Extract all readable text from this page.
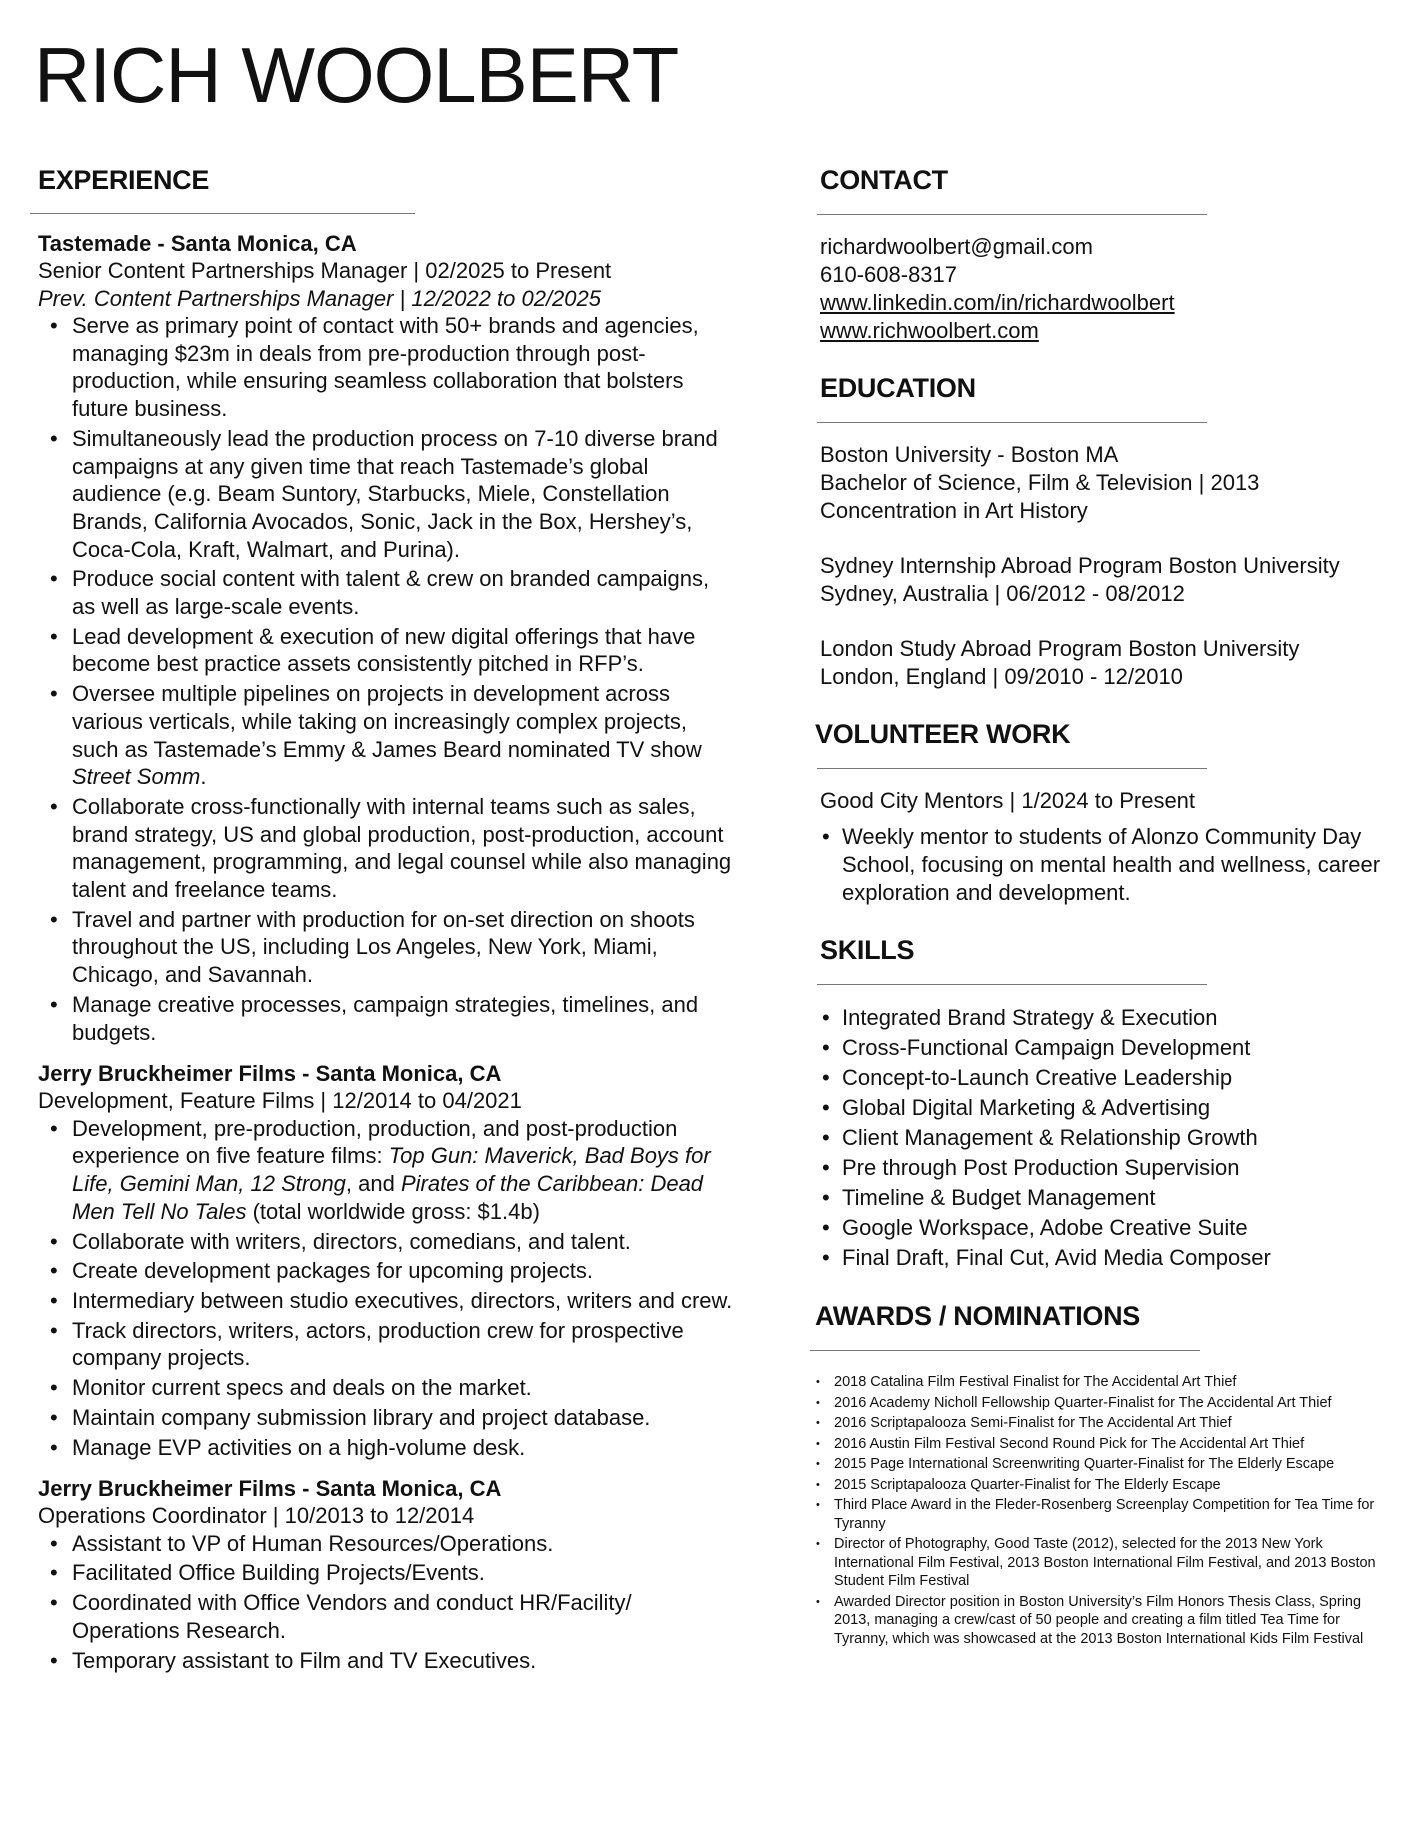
RICH WOOLBERT
EXPERIENCE

Tastemade - Santa Monica, CA

Senior Content Partnerships Manager | 02/2025 to Present

Prev. Content Partnerships Manager | 12/2022 to 02/2025

• Serve as primary point of contact with 50+ brands and agencies, managing $23m in deals from pre-production through post-production, while ensuring seamless collaboration that bolsters future business.
• Simultaneously lead the production process on 7-10 diverse brand campaigns at any given time that reach Tastemade’s global audience (e.g. Beam Suntory, Starbucks, Miele, Constellation Brands, California Avocados, Sonic, Jack in the Box, Hershey’s, Coca-Cola, Kraft, Walmart, and Purina).
• Produce social content with talent & crew on branded campaigns, as well as large-scale events.
• Lead development & execution of new digital offerings that have become best practice assets consistently pitched in RFP’s.
• Oversee multiple pipelines on projects in development across various verticals, while taking on increasingly complex projects, such as Tastemade’s Emmy & James Beard nominated TV show Street Somm.
• Collaborate cross-functionally with internal teams such as sales, brand strategy, US and global production, post-production, account management, programming, and legal counsel while also managing talent and freelance teams.
• Travel and partner with production for on-set direction on shoots throughout the US, including Los Angeles, New York, Miami, Chicago, and Savannah.
• Manage creative processes, campaign strategies, timelines, and budgets.

Jerry Bruckheimer Films - Santa Monica, CA

Development, Feature Films | 12/2014 to 04/2021

• Development, pre-production, production, and post-production experience on five feature films: Top Gun: Maverick, Bad Boys for Life, Gemini Man, 12 Strong, and Pirates of the Caribbean: Dead Men Tell No Tales (total worldwide gross: $1.4b)
• Collaborate with writers, directors, comedians, and talent.
• Create development packages for upcoming projects.
• Intermediary between studio executives, directors, writers and crew.
• Track directors, writers, actors, production crew for prospective company projects.
• Monitor current specs and deals on the market.
• Maintain company submission library and project database.
• Manage EVP activities on a high-volume desk.

Jerry Bruckheimer Films - Santa Monica, CA

Operations Coordinator | 10/2013 to 12/2014

• Assistant to VP of Human Resources/Operations.
• Facilitated Office Building Projects/Events.
• Coordinated with Office Vendors and conduct HR/Facility/ Operations Research.
• Temporary assistant to Film and TV Executives.
CONTACT

richardwoolbert@gmail.com

610-608-8317

www.linkedin.com/in/richardwoolbert

www.richwoolbert.com

EDUCATION

Boston University - Boston MA

Bachelor of Science, Film & Television | 2013

Concentration in Art History

Sydney Internship Abroad Program Boston University

Sydney, Australia | 06/2012 - 08/2012

London Study Abroad Program Boston University

London, England | 09/2010 - 12/2010

VOLUNTEER WORK

Good City Mentors | 1/2024 to Present

• Weekly mentor to students of Alonzo Community Day School, focusing on mental health and wellness, career exploration and development.
SKILLS
• Integrated Brand Strategy & Execution
• Cross-Functional Campaign Development
• Concept-to-Launch Creative Leadership
• Global Digital Marketing & Advertising
• Client Management & Relationship Growth
• Pre through Post Production Supervision
• Timeline & Budget Management
• Google Workspace, Adobe Creative Suite
• Final Draft, Final Cut, Avid Media Composer
AWARDS / NOMINATIONS
• 2018 Catalina Film Festival Finalist for The Accidental Art Thief
• 2016 Academy Nicholl Fellowship Quarter-Finalist for The Accidental Art Thief
• 2016 Scriptapalooza Semi-Finalist for The Accidental Art Thief
• 2016 Austin Film Festival Second Round Pick for The Accidental Art Thief
• 2015 Page International Screenwriting Quarter-Finalist for The Elderly Escape
• 2015 Scriptapalooza Quarter-Finalist for The Elderly Escape
• Third Place Award in the Fleder-Rosenberg Screenplay Competition for Tea Time for Tyranny
• Director of Photography, Good Taste (2012), selected for the 2013 New York International Film Festival, 2013 Boston International Film Festival, and 2013 Boston Student Film Festival
• Awarded Director position in Boston University’s Film Honors Thesis Class, Spring 2013, managing a crew/cast of 50 people and creating a film titled Tea Time for Tyranny, which was showcased at the 2013 Boston International Kids Film Festival
